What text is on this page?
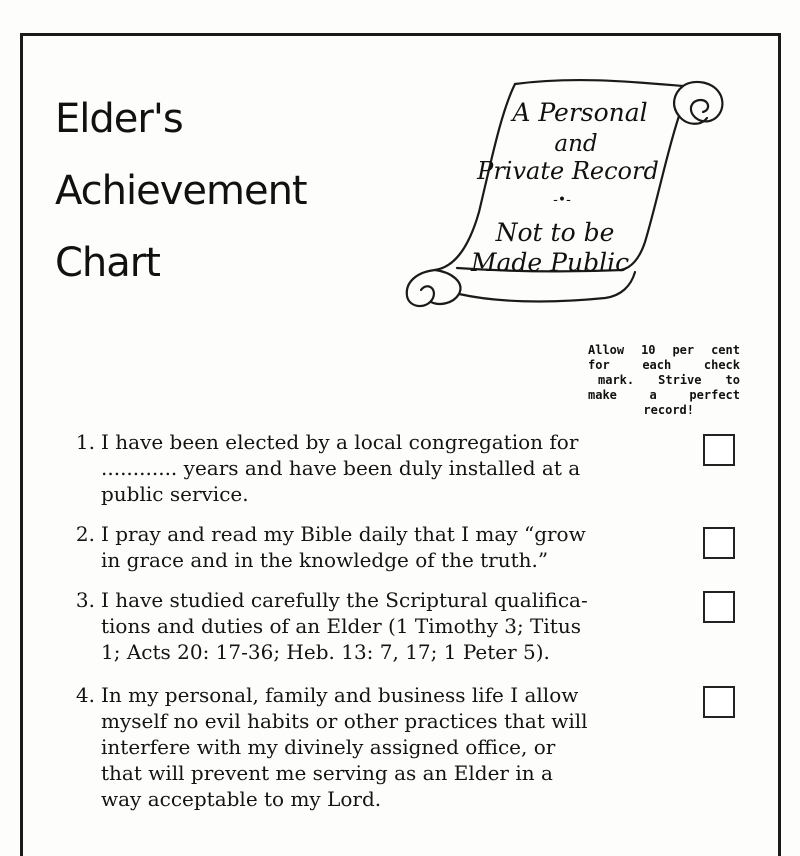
Elder's
Achievement
Chart
A Personal
and
Private Record
-•-
Not to be
Made Public
Allow 10 per cent
for	each	check
mark. Strive to
make	a	perfect
record!
1. I have been elected by a local congregation for
............ years and have been duly installed at a
public service.
2. I pray and read my Bible daily that I may “grow
in grace and in the knowledge of the truth.”
3. I have studied carefully the Scriptural qualifica-
tions and duties of an Elder (1 Timothy 3; Titus
1; Acts 20: 17-36; Heb. 13: 7, 17; 1 Peter 5).
4. In my personal, family and business life I allow
myself no evil habits or other practices that will
interfere with my divinely assigned office, or
that will prevent me serving as an Elder in a
way acceptable to my Lord.
